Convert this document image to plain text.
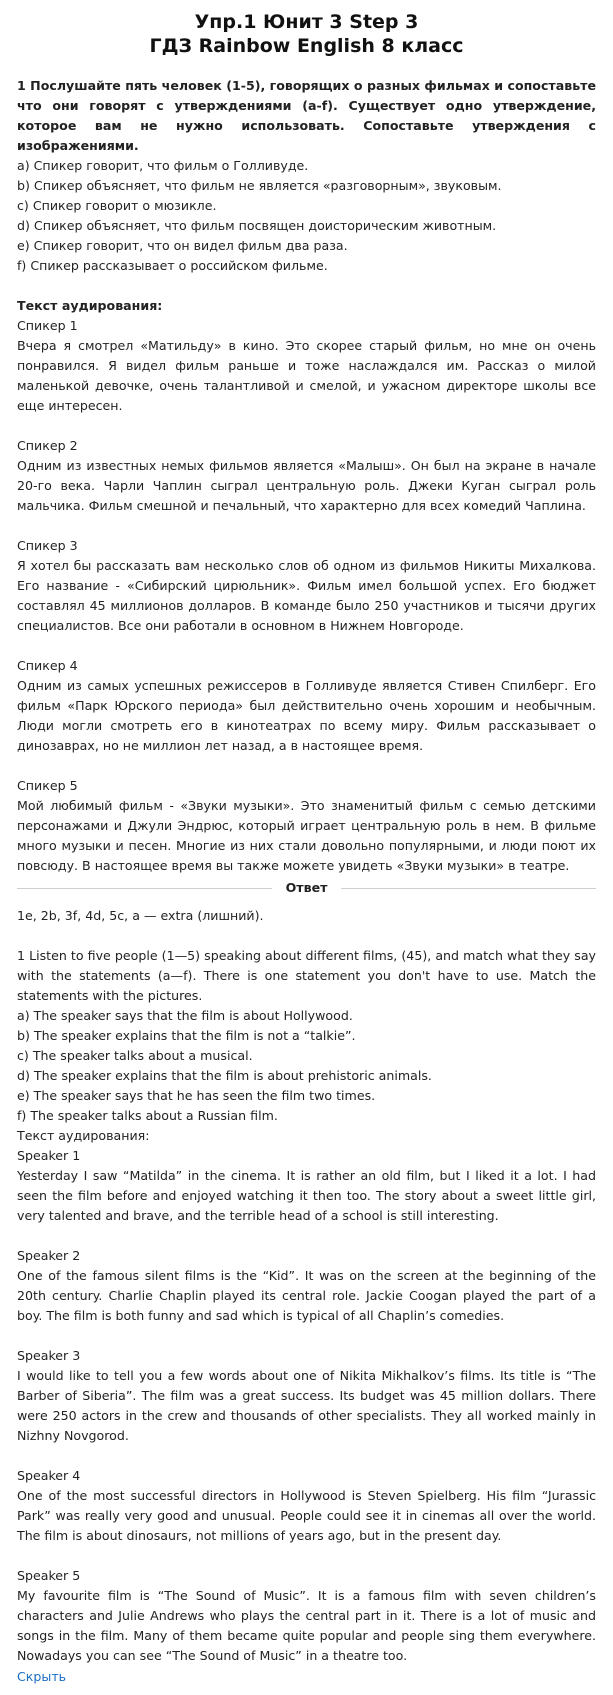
Упр.1 Юнит 3 Step 3
ГДЗ Rainbow English 8 класс

1 Послушайте пять человек (1-5), говорящих о разных фильмах и сопоставьте что они говорят с утверждениями (a-f). Существует одно утверждение, которое вам не нужно использовать. Сопоставьте утверждения с изображениями.

a) Спикер говорит, что фильм о Голливуде.

b) Спикер объясняет, что фильм не является «разговорным», звуковым.

c) Спикер говорит о мюзикле.

d) Спикер объясняет, что фильм посвящен доисторическим животным.

e) Спикер говорит, что он видел фильм два раза.

f) Спикер рассказывает о российском фильме.

Текст аудирования:

Спикер 1

Вчера я смотрел «Матильду» в кино. Это скорее старый фильм, но мне он очень понравился. Я видел фильм раньше и тоже наслаждался им. Рассказ о милой маленькой девочке, очень талантливой и смелой, и ужасном директоре школы все еще интересен.

Спикер 2

Одним из известных немых фильмов является «Малыш». Он был на экране в начале 20-го века. Чарли Чаплин сыграл центральную роль. Джеки Куган сыграл роль мальчика. Фильм смешной и печальный, что характерно для всех комедий Чаплина.

Спикер 3

Я хотел бы рассказать вам несколько слов об одном из фильмов Никиты Михалкова. Его название - «Сибирский цирюльник». Фильм имел большой успех. Его бюджет составлял 45 миллионов долларов. В команде было 250 участников и тысячи других специалистов. Все они работали в основном в Нижнем Новгороде.

Спикер 4

Одним из самых успешных режиссеров в Голливуде является Стивен Спилберг. Его фильм «Парк Юрского периода» был действительно очень хорошим и необычным. Люди могли смотреть его в кинотеатрах по всему миру. Фильм рассказывает о динозаврах, но не миллион лет назад, а в настоящее время.

Спикер 5

Мой любимый фильм - «Звуки музыки». Это знаменитый фильм с семью детскими персонажами и Джули Эндрюс, который играет центральную роль в нем. В фильме много музыки и песен. Многие из них стали довольно популярными, и люди поют их повсюду. В настоящее время вы также можете увидеть «Звуки музыки» в театре.

Ответ

1e, 2b, 3f, 4d, 5c, a — extra (лишний).

1 Listen to five people (1—5) speaking about different films, (45), and match what they say with the statements (a—f). There is one statement you don't have to use. Match the statements with the pictures.

a) The speaker says that the film is about Hollywood.

b) The speaker explains that the film is not a “talkie”.

c) The speaker talks about a musical.

d) The speaker explains that the film is about prehistoric animals.

e) The speaker says that he has seen the film two times.

f) The speaker talks about a Russian film.

Текст аудирования:

Speaker 1

Yesterday I saw “Matilda” in the cinema. It is rather an old film, but I liked it a lot. I had seen the film before and enjoyed watching it then too. The story about a sweet little girl, very talented and brave, and the terrible head of a school is still interesting.

Speaker 2

One of the famous silent films is the “Kid”. It was on the screen at the beginning of the 20th century. Charlie Chaplin played its central role. Jackie Coogan played the part of a boy. The film is both funny and sad which is typical of all Chaplin’s comedies.

Speaker 3

I would like to tell you a few words about one of Nikita Mikhalkov’s films. Its title is “The Barber of Siberia”. The film was a great success. Its budget was 45 million dollars. There were 250 actors in the crew and thousands of other specialists. They all worked mainly in Nizhny Novgorod.

Speaker 4

One of the most successful directors in Hollywood is Steven Spielberg. His film “Jurassic Park” was really very good and unusual. People could see it in cinemas all over the world. The film is about dinosaurs, not millions of years ago, but in the present day.

Speaker 5

My favourite film is “The Sound of Music”. It is a famous film with seven children’s characters and Julie Andrews who plays the central part in it. There is a lot of music and songs in the film. Many of them became quite popular and people sing them everywhere. Nowadays you can see “The Sound of Music” in a theatre too.

Скрыть
